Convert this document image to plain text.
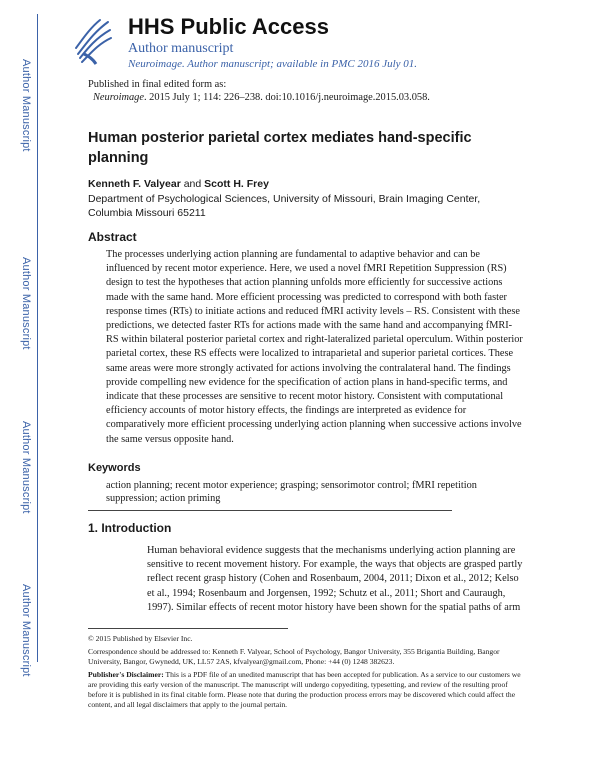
Author Manuscript
Author Manuscript
Author Manuscript
Author Manuscript
HHS Public Access
Author manuscript
Neuroimage. Author manuscript; available in PMC 2016 July 01.
Published in final edited form as:
Neuroimage. 2015 July 1; 114: 226–238. doi:10.1016/j.neuroimage.2015.03.058.
Human posterior parietal cortex mediates hand-specific planning
Kenneth F. Valyear and Scott H. Frey
Department of Psychological Sciences, University of Missouri, Brain Imaging Center, Columbia Missouri 65211
Abstract

The processes underlying action planning are fundamental to adaptive behavior and can be influenced by recent motor experience. Here, we used a novel fMRI Repetition Suppression (RS) design to test the hypotheses that action planning unfolds more efficiently for successive actions made with the same hand. More efficient processing was predicted to correspond with both faster response times (RTs) to initiate actions and reduced fMRI activity levels – RS. Consistent with these predictions, we detected faster RTs for actions made with the same hand and accompanying fMRI-RS within bilateral posterior parietal cortex and right-lateralized parietal operculum. Within posterior parietal cortex, these RS effects were localized to intraparietal and superior parietal cortices. These same areas were more strongly activated for actions involving the contralateral hand. The findings provide compelling new evidence for the specification of action plans in hand-specific terms, and indicate that these processes are sensitive to recent motor history. Consistent with computational efficiency accounts of motor history effects, the findings are interpreted as evidence for comparatively more efficient processing underlying action planning when successive actions involve the same versus opposite hand.

Keywords

action planning; recent motor experience; grasping; sensorimotor control; fMRI repetition suppression; action priming

1. Introduction

Human behavioral evidence suggests that the mechanisms underlying action planning are sensitive to recent movement history. For example, the ways that objects are grasped partly reflect recent grasp history (Cohen and Rosenbaum, 2004, 2011; Dixon et al., 2012; Kelso et al., 1994; Rosenbaum and Jorgensen, 1992; Schutz et al., 2011; Short and Cauraugh, 1997). Similar effects of recent motor history have been shown for the spatial paths of arm

© 2015 Published by Elsevier Inc.

Correspondence should be addressed to: Kenneth F. Valyear, School of Psychology, Bangor University, 355 Brigantia Building, Bangor University, Bangor, Gwynedd, UK, LL57 2AS, kfvalyear@gmail.com, Phone: +44 (0) 1248 382623.

Publisher's Disclaimer: This is a PDF file of an unedited manuscript that has been accepted for publication. As a service to our customers we are providing this early version of the manuscript. The manuscript will undergo copyediting, typesetting, and review of the resulting proof before it is published in its final citable form. Please note that during the production process errors may be discovered which could affect the content, and all legal disclaimers that apply to the journal pertain.
